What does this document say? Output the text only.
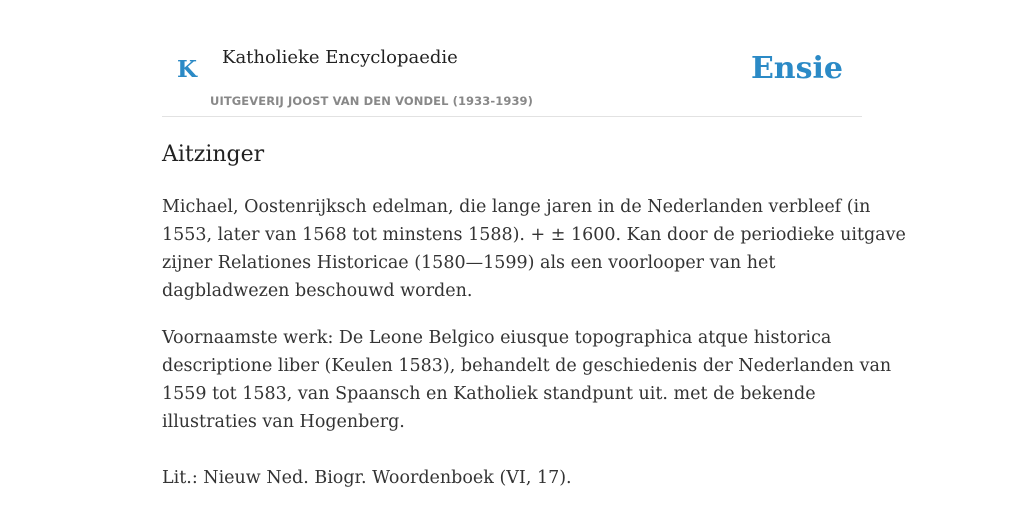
K Katholieke Encyclopaedie
UITGEVERIJ JOOST VAN DEN VONDEL (1933-1939)
Ensie
Aitzinger

Michael, Oostenrijksch edelman, die lange jaren in de Nederlanden verbleef (in
1553, later van 1568 tot minstens 1588). + ± 1600. Kan door de periodieke uitgave
zijner Relationes Historicae (1580—1599) als een voorlooper van het
dagbladwezen beschouwd worden.

Voornaamste werk: De Leone Belgico eiusque topographica atque historica
descriptione liber (Keulen 1583), behandelt de geschiedenis der Nederlanden van
1559 tot 1583, van Spaansch en Katholiek standpunt uit. met de bekende
illustraties van Hogenberg.

Lit.: Nieuw Ned. Biogr. Woordenboek (VI, 17).
